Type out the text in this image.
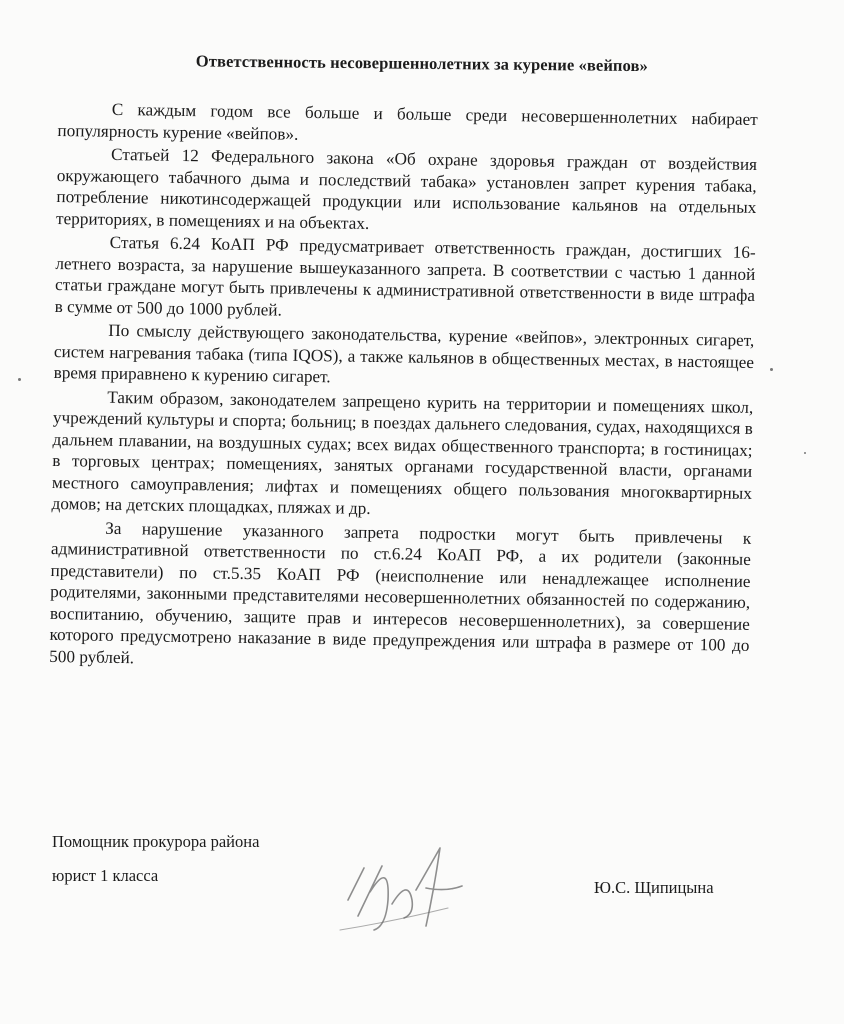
Ответственность несовершеннолетних за курение «вейпов»

С каждым годом все больше и больше среди несовершеннолетних набирает популярность курение «вейпов».

Статьей 12 Федерального закона «Об охране здоровья граждан от воздействия окружающего табачного дыма и последствий табака» установлен запрет курения табака, потребление никотинсодержащей продукции или использование кальянов на отдельных территориях, в помещениях и на объектах.

Статья 6.24 КоАП РФ предусматривает ответственность граждан, достигших 16-летнего возраста, за нарушение вышеуказанного запрета. В соответствии с частью 1 данной статьи граждане могут быть привлечены к административной ответственности в виде штрафа в сумме от 500 до 1000 рублей.

По смыслу действующего законодательства, курение «вейпов», электронных сигарет, систем нагревания табака (типа IQOS), а также кальянов в общественных местах, в настоящее время приравнено к курению сигарет.

Таким образом, законодателем запрещено курить на территории и помещениях школ, учреждений культуры и спорта; больниц; в поездах дальнего следования, судах, находящихся в дальнем плавании, на воздушных судах; всех видах общественного транспорта; в гостиницах; в торговых центрах; помещениях, занятых органами государственной власти, органами местного самоуправления; лифтах и помещениях общего пользования многоквартирных домов; на детских площадках, пляжах и др.

За нарушение указанного запрета подростки могут быть привлечены к административной ответственности по ст.6.24 КоАП РФ, а их родители (законные представители) по ст.5.35 КоАП РФ (неисполнение или ненадлежащее исполнение родителями, законными представителями несовершеннолетних обязанностей по содержанию, воспитанию, обучению, защите прав и интересов несовершеннолетних), за совершение которого предусмотрено наказание в виде предупреждения или штрафа в размере от 100 до 500 рублей.

Помощник прокурора района
юрист 1 класса
Ю.С. Щипицына
